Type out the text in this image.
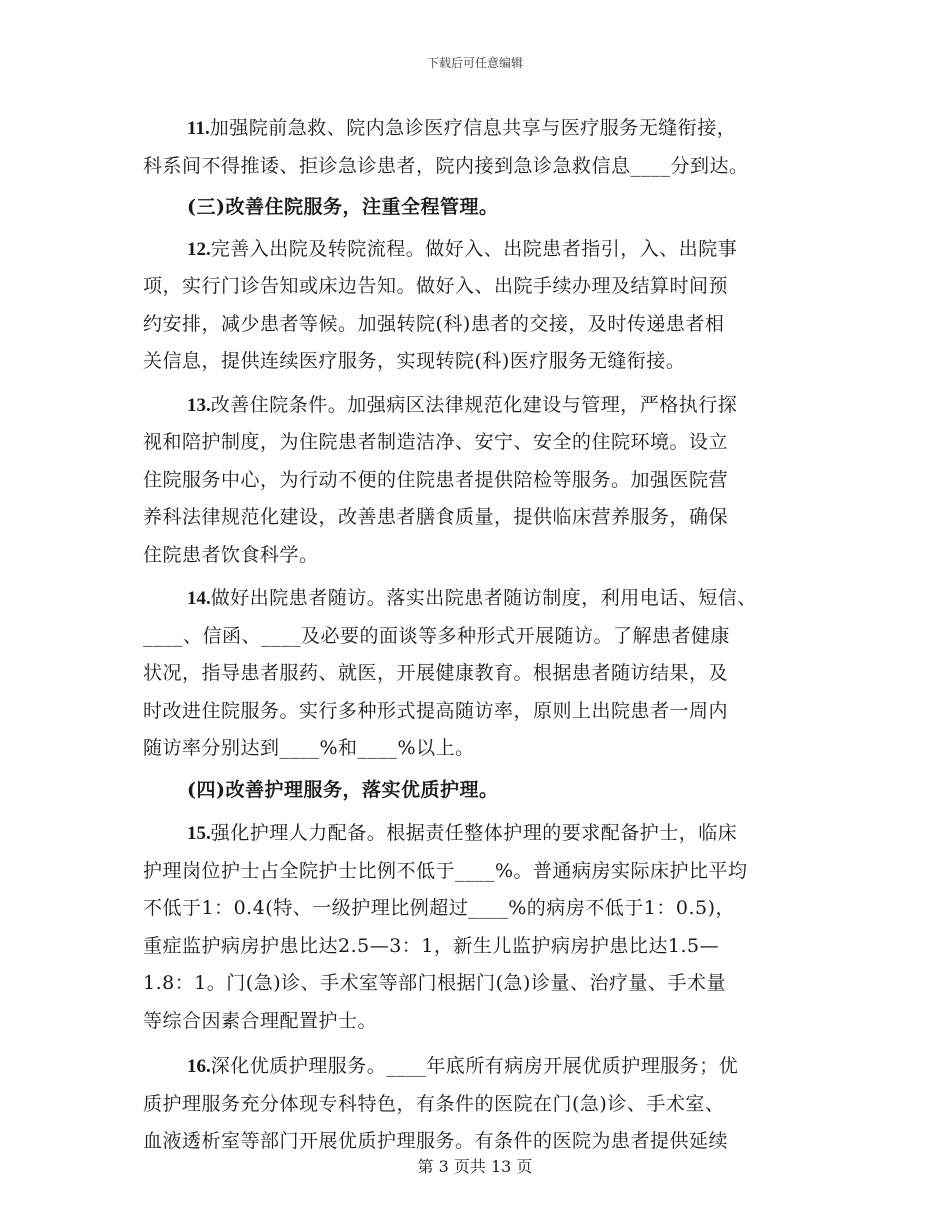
下载后可任意编辑
11.加强院前急救、院内急诊医疗信息共享与医疗服务无缝衔接，
科系间不得推诿、拒诊急诊患者，院内接到急诊急救信息____分到达。
(三)改善住院服务，注重全程管理。
12.完善入出院及转院流程。做好入、出院患者指引，入、出院事
项，实行门诊告知或床边告知。做好入、出院手续办理及结算时间预
约安排，减少患者等候。加强转院(科)患者的交接，及时传递患者相
关信息，提供连续医疗服务，实现转院(科)医疗服务无缝衔接。
13.改善住院条件。加强病区法律规范化建设与管理，严格执行探
视和陪护制度，为住院患者制造洁净、安宁、安全的住院环境。设立
住院服务中心，为行动不便的住院患者提供陪检等服务。加强医院营
养科法律规范化建设，改善患者膳食质量，提供临床营养服务，确保
住院患者饮食科学。
14.做好出院患者随访。落实出院患者随访制度，利用电话、短信、
____、信函、____及必要的面谈等多种形式开展随访。了解患者健康
状况，指导患者服药、就医，开展健康教育。根据患者随访结果，及
时改进住院服务。实行多种形式提高随访率，原则上出院患者一周内
随访率分别达到____%和____%以上。
(四)改善护理服务，落实优质护理。
15.强化护理人力配备。根据责任整体护理的要求配备护士，临床
护理岗位护士占全院护士比例不低于____%。普通病房实际床护比平均
不低于1：0.4(特、一级护理比例超过____%的病房不低于1：0.5)，
重症监护病房护患比达2.5—3：1，新生儿监护病房护患比达1.5—
1.8：1。门(急)诊、手术室等部门根据门(急)诊量、治疗量、手术量
等综合因素合理配置护士。
16.深化优质护理服务。____年底所有病房开展优质护理服务；优
质护理服务充分体现专科特色，有条件的医院在门(急)诊、手术室、
血液透析室等部门开展优质护理服务。有条件的医院为患者提供延续
第 3 页共 13 页
